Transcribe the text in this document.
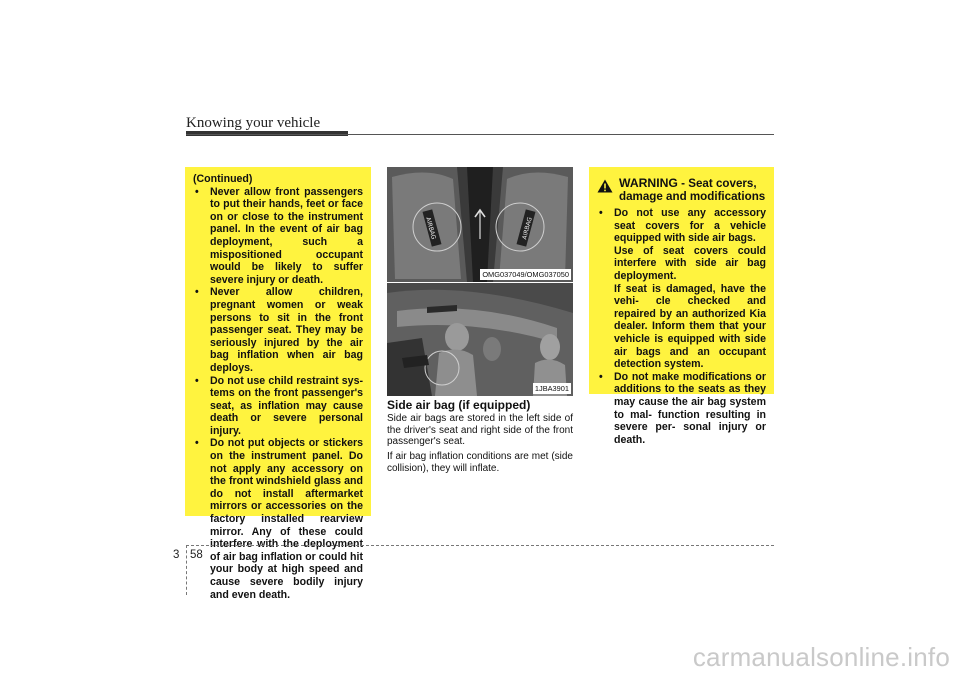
Knowing your vehicle

(Continued)

• Never allow front passengers to put their hands, feet or face on or close to the instrument panel. In the event of air bag deployment, such a mispositioned occupant would be likely to suffer severe injury or death.
• Never allow children, pregnant women or weak persons to sit in the front passenger seat. They may be seriously injured by the air bag inflation when air bag deploys.
• Do not use child restraint sys- tems on the front passenger's seat, as inflation may cause death or severe personal injury.
• Do not put objects or stickers on the instrument panel. Do not apply any accessory on the front windshield glass and do not install aftermarket mirrors or accessories on the factory installed rearview mirror. Any of these could interfere with the deployment of air bag inflation or could hit your body at high speed and cause severe bodily injury and even death.
AIRBAG	AIRBAG
OMG037049/OMG037050
1JBA3901
Side air bag (if equipped)

Side air bags are stored in the left side of the driver's seat and right side of the front passenger's seat.

If air bag inflation conditions are met (side collision), they will inflate.

WARNING - Seat covers,
damage and modifications

• Do not use any accessory seat covers for a vehicle equipped with side air bags.

Use of seat covers could interfere with side air bag deployment.

If seat is damaged, have the vehi- cle checked and repaired by an authorized Kia dealer. Inform them that your vehicle is equipped with side air bags and an occupant detection system.

• Do not make modifications or additions to the seats as they may cause the air bag system to mal- function resulting in severe per- sonal injury or death.
3 58
carmanualsonline.info
